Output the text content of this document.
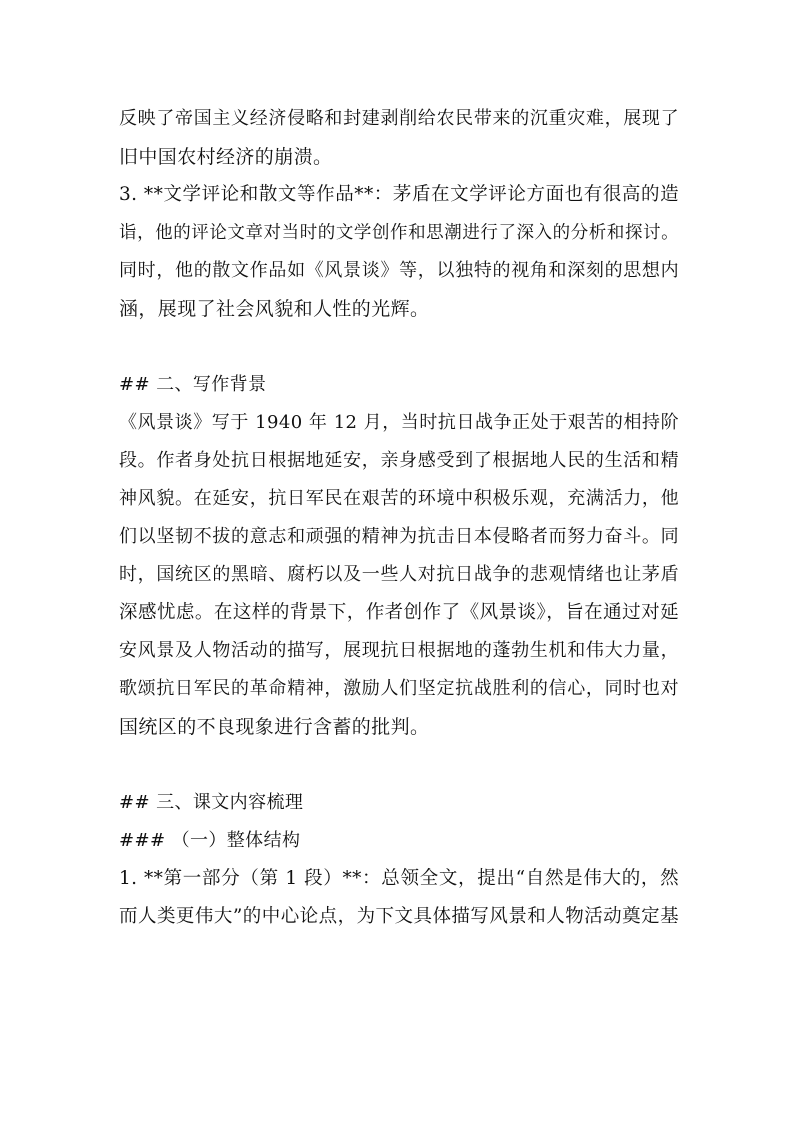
反映了帝国主义经济侵略和封建剥削给农民带来的沉重灾难，展现了
旧中国农村经济的崩溃。
3. **文学评论和散文等作品**：茅盾在文学评论方面也有很高的造
诣，他的评论文章对当时的文学创作和思潮进行了深入的分析和探讨。
同时，他的散文作品如《风景谈》等，以独特的视角和深刻的思想内
涵，展现了社会风貌和人性的光辉。
## 二、写作背景
《风景谈》写于 1940 年 12 月，当时抗日战争正处于艰苦的相持阶
段。作者身处抗日根据地延安，亲身感受到了根据地人民的生活和精
神风貌。在延安，抗日军民在艰苦的环境中积极乐观，充满活力，他
们以坚韧不拔的意志和顽强的精神为抗击日本侵略者而努力奋斗。同
时，国统区的黑暗、腐朽以及一些人对抗日战争的悲观情绪也让茅盾
深感忧虑。在这样的背景下，作者创作了《风景谈》，旨在通过对延
安风景及人物活动的描写，展现抗日根据地的蓬勃生机和伟大力量，
歌颂抗日军民的革命精神，激励人们坚定抗战胜利的信心，同时也对
国统区的不良现象进行含蓄的批判。
## 三、课文内容梳理
### （一）整体结构
1. **第一部分（第 1 段）**：总领全文，提出“自然是伟大的，然
而人类更伟大”的中心论点，为下文具体描写风景和人物活动奠定基
